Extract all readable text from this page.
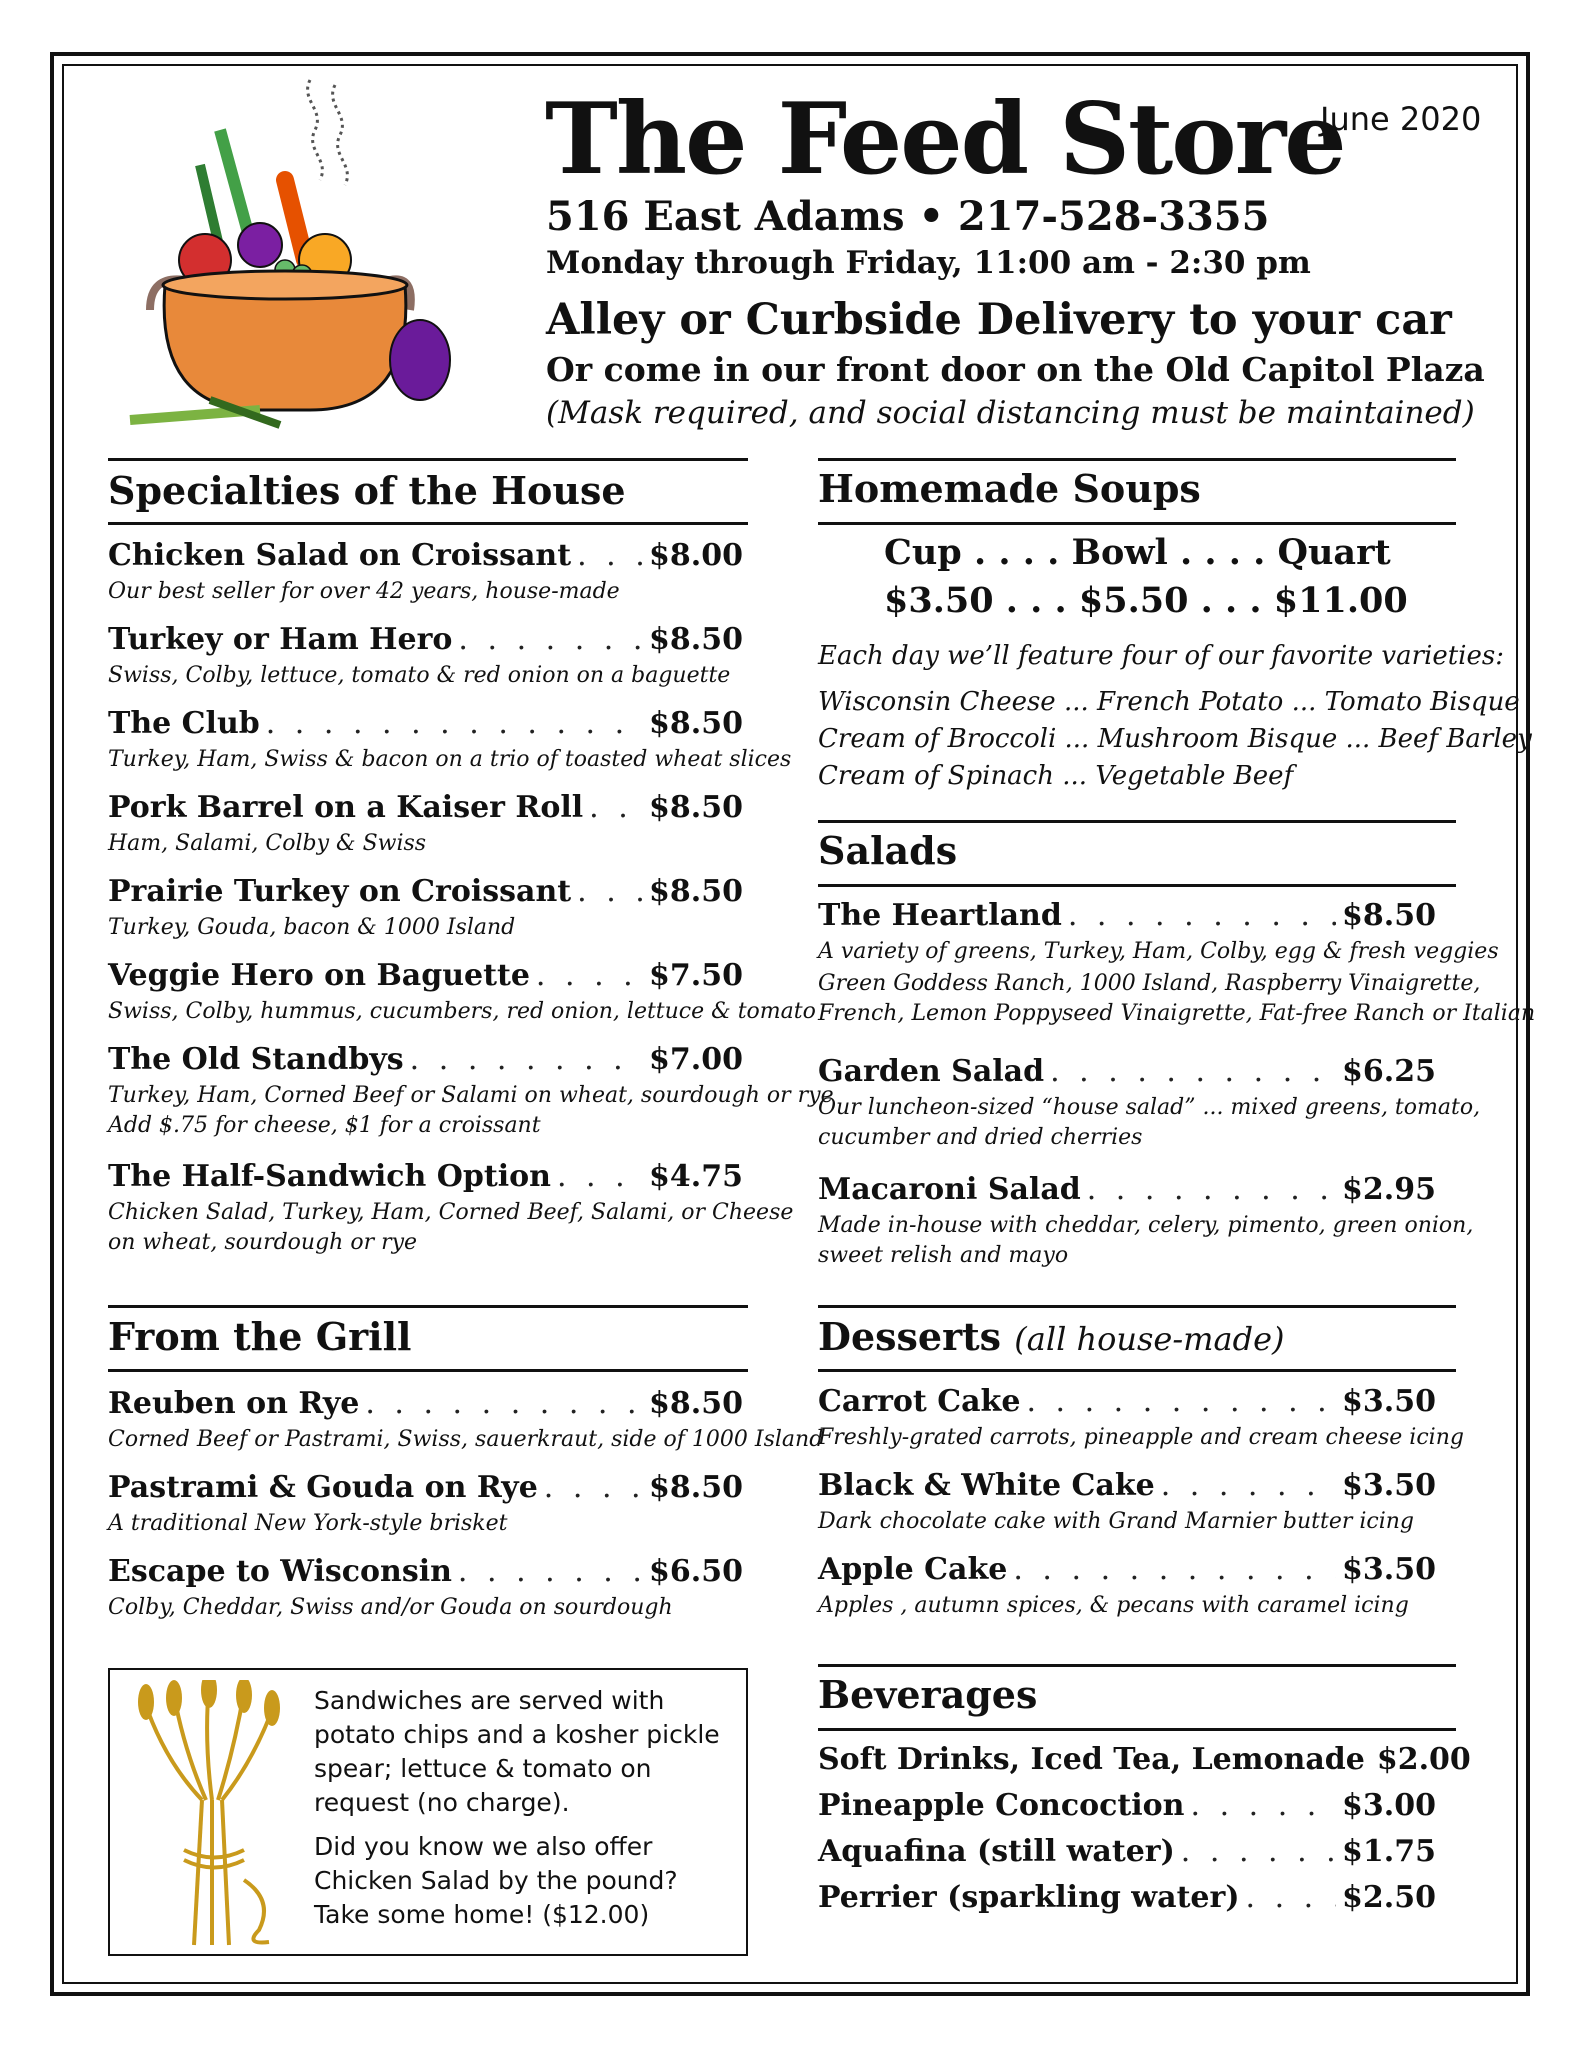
June 2020
The Feed Store
516 East Adams • 217-528-3355
Monday through Friday, 11:00 am - 2:30 pm
Alley or Curbside Delivery to your car
Or come in our front door on the Old Capitol Plaza
(Mask required, and social distancing must be maintained)
Specialties of the House
Chicken Salad on Croissant . . .	$8.00
Our best seller for over 42 years, house-made
Turkey or Ham Hero . . .	$8.50
Swiss, Colby, lettuce, tomato & red onion on a baguette
The Club . . .	$8.50
Turkey, Ham, Swiss & bacon on a trio of toasted wheat slices
Pork Barrel on a Kaiser Roll . . . $8.50
Ham, Salami, Colby & Swiss
Prairie Turkey on Croissant . . .	$8.50
Turkey, Gouda, bacon & 1000 Island
Veggie Hero on Baguette . . .	$7.50
Swiss, Colby, hummus, cucumbers, red onion, lettuce & tomato
The Old Standbys . . .	$7.00
Turkey, Ham, Corned Beef or Salami on wheat, sourdough or rye
Add $.75 for cheese, $1 for a croissant
The Half-Sandwich Option . . .	$4.75
Chicken Salad, Turkey, Ham, Corned Beef, Salami, or Cheese
on wheat, sourdough or rye
From the Grill
Reuben on Rye . . .	$8.50
Corned Beef or Pastrami, Swiss, sauerkraut, side of 1000 Island
Pastrami & Gouda on Rye . . .	$8.50
A traditional New York-style brisket
Escape to Wisconsin . . .	$6.50
Colby, Cheddar, Swiss and/or Gouda on sourdough
Sandwiches are served with
potato chips and a kosher pickle
spear; lettuce & tomato on
request (no charge).
Did you know we also offer
Chicken Salad by the pound?
Take some home! ($12.00)
Homemade Soups
Cup . . . . Bowl . . . . Quart
$3.50 . . . $5.50 . . . $11.00
Each day we’ll feature four of our favorite varieties:
Wisconsin Cheese ... French Potato ... Tomato Bisque
Cream of Broccoli ... Mushroom Bisque ... Beef Barley
Cream of Spinach ... Vegetable Beef
Salads
The Heartland . . .	$8.50
A variety of greens, Turkey, Ham, Colby, egg & fresh veggies
Green Goddess Ranch, 1000 Island, Raspberry Vinaigrette,
French, Lemon Poppyseed Vinaigrette, Fat-free Ranch or Italian
Garden Salad . . .	$6.25
Our luncheon-sized “house salad” ... mixed greens, tomato,
cucumber and dried cherries
Macaroni Salad . . .	$2.95
Made in-house with cheddar, celery, pimento, green onion,
sweet relish and mayo
Desserts (all house-made)
Carrot Cake . . .	$3.50
Freshly-grated carrots, pineapple and cream cheese icing
Black & White Cake . . .	$3.50
Dark chocolate cake with Grand Marnier butter icing
Apple Cake . . .	$3.50
Apples , autumn spices, & pecans with caramel icing
Beverages
Soft Drinks, Iced Tea, Lemonade $2.00
Pineapple Concoction . . .	$3.00
Aquafina (still water) . . .	$1.75
Perrier (sparkling water) . . .	$2.50
